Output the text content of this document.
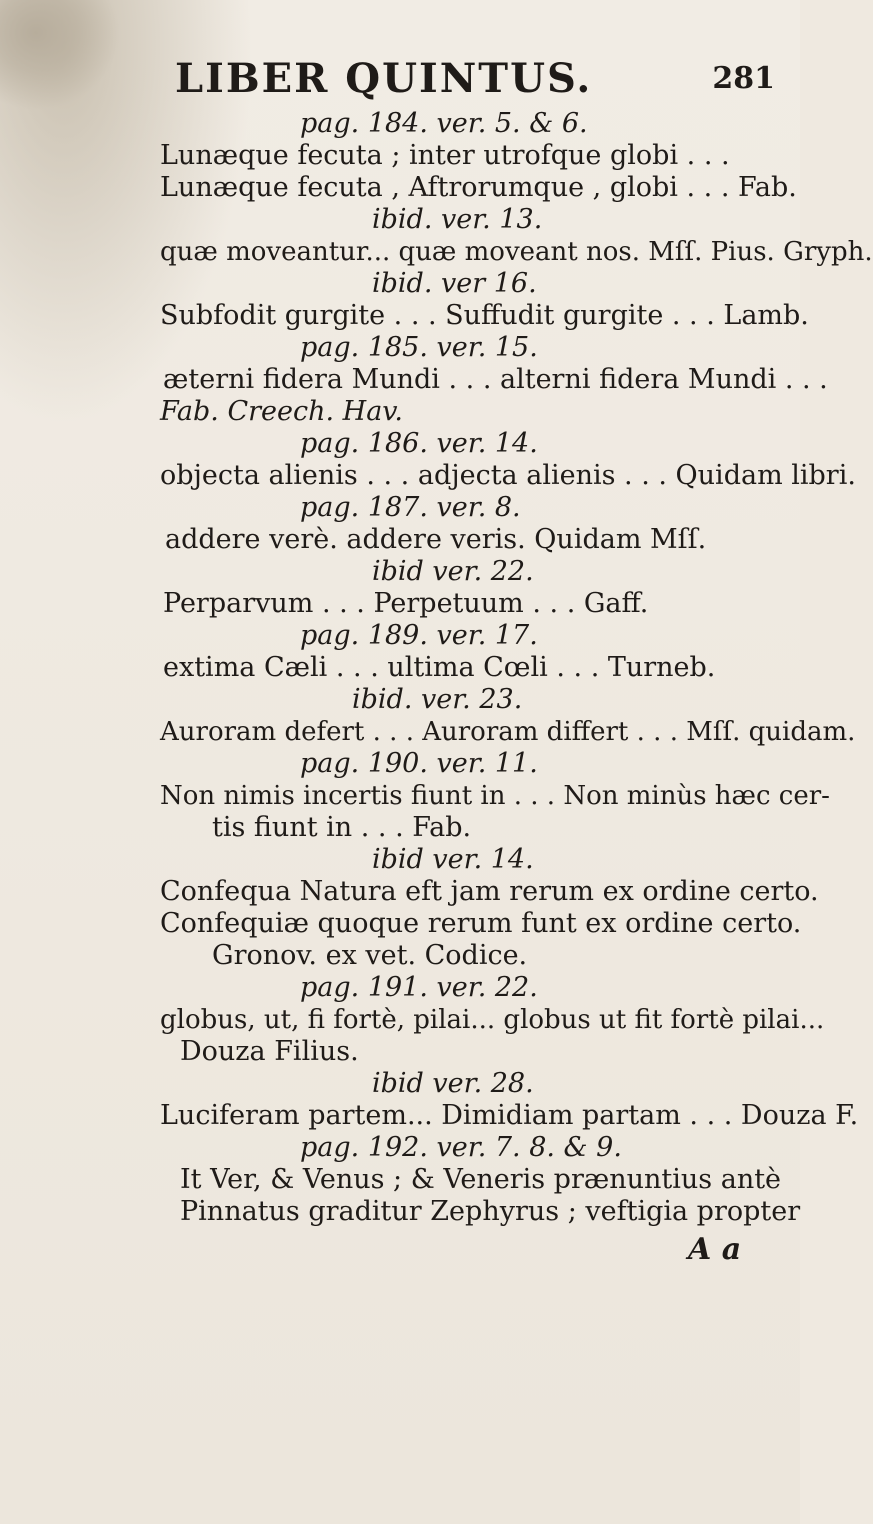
LIBER QUINTUS.	281
pag. 184. ver. 5. & 6.
Lunæque fecuta ; inter utrofque globi . . .
Lunæque fecuta , Aftrorumque , globi . . . Fab.
ibid. ver. 13.
quæ moveantur... quæ moveant nos. Mſſ. Pius. Gryph.
ibid. ver 16.
Subfodit gurgite . . . Suffudit gurgite . . . Lamb.
pag. 185. ver. 15.
æterni fidera Mundi . . . alterni fidera Mundi . . .
Fab. Creech. Hav.
pag. 186. ver. 14.
objecta alienis . . . adjecta alienis . . . Quidam libri.
pag. 187. ver. 8.
addere verè. addere veris. Quidam Mſſ.
ibid ver. 22.
Perparvum . . . Perpetuum . . . Gaff.
pag. 189. ver. 17.
extima Cæli . . . ultima Cœli . . . Turneb.
ibid. ver. 23.
Auroram defert . . . Auroram differt . . . Mſſ. quidam.
pag. 190. ver. 11.
Non nimis incertis fiunt in . . . Non minùs hæc cer-
tis fiunt in . . . Fab.
ibid ver. 14.
Confequa Natura eft jam rerum ex ordine certo.
Confequiæ quoque rerum funt ex ordine certo.
Gronov. ex vet. Codice.
pag. 191. ver. 22.
globus, ut, fi fortè, pilai... globus ut fit fortè pilai...
Douza Filius.
ibid ver. 28.
Luciferam partem... Dimidiam partam . . . Douza F.
pag. 192. ver. 7. 8. & 9.
It Ver, & Venus ; & Veneris prænuntius antè
Pinnatus graditur Zephyrus ; veftigia propter
A a
